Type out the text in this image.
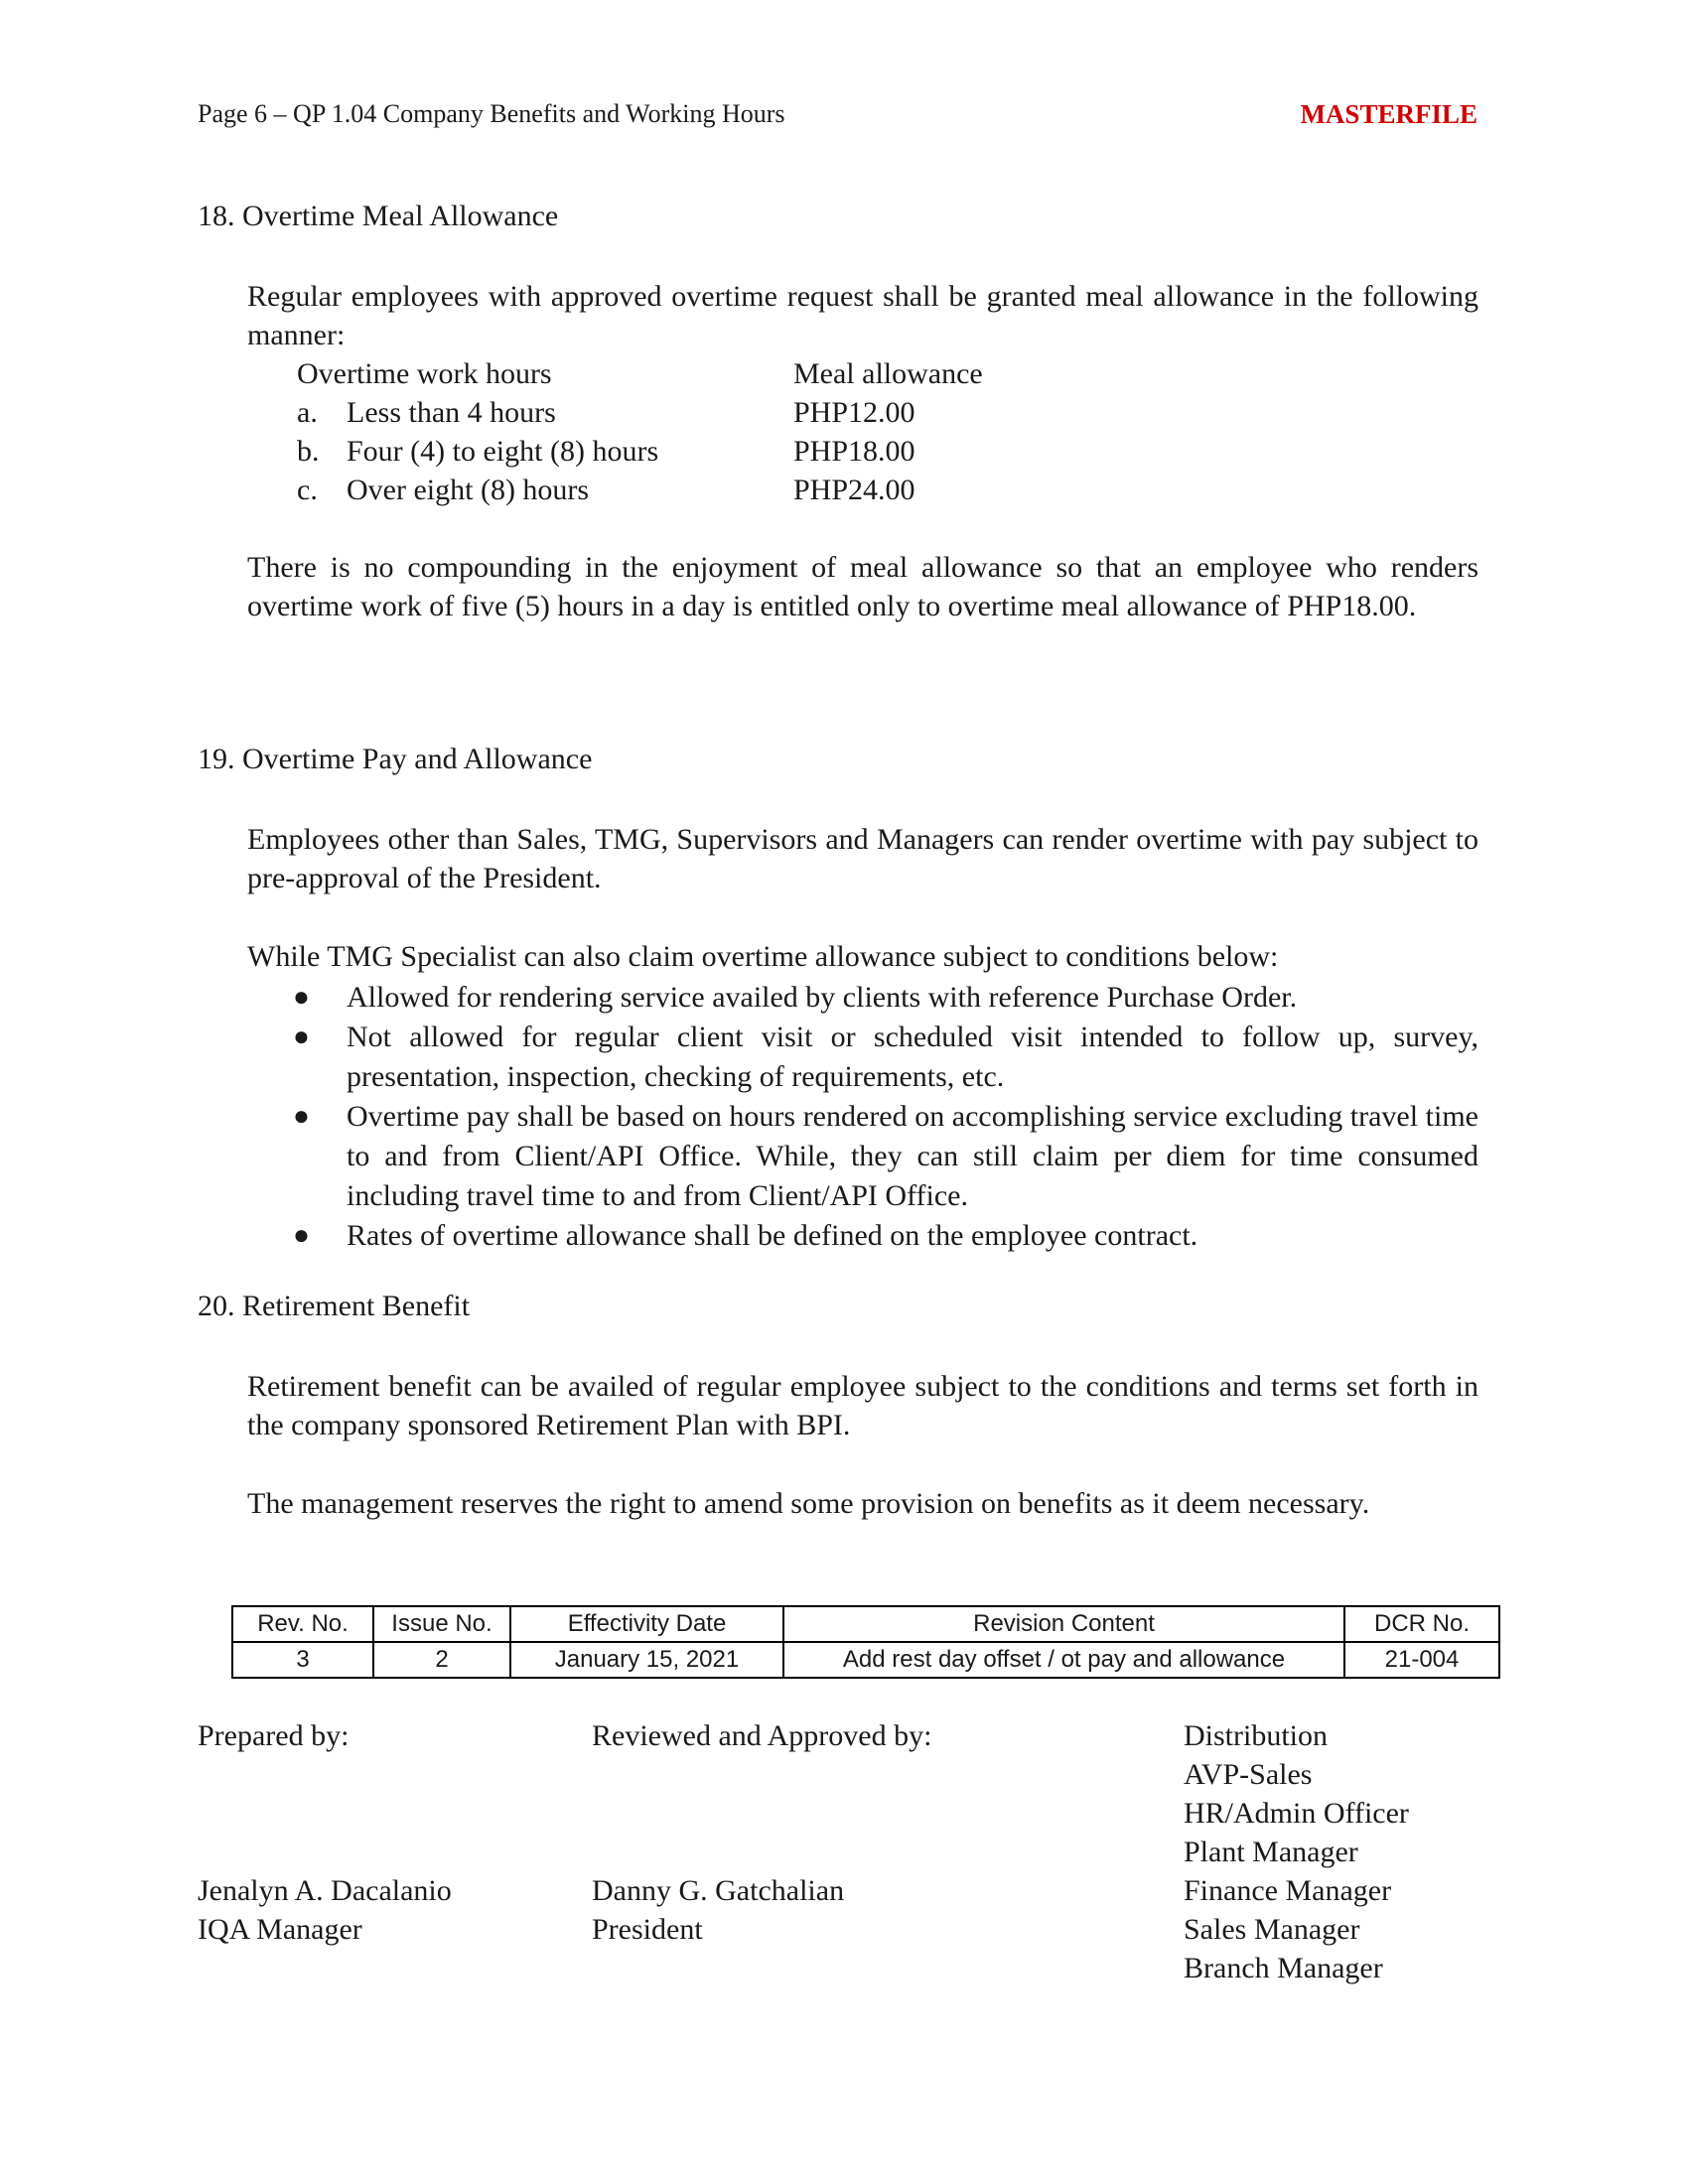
Page 6 – QP 1.04 Company Benefits and Working Hours	MASTERFILE
18. Overtime Meal Allowance
Regular employees with approved overtime request shall be granted meal allowance in the following manner:
Overtime work hours	Meal allowance
a. Less than 4 hours	PHP12.00
b. Four (4) to eight (8) hours	PHP18.00
c. Over eight (8) hours	PHP24.00
There is no compounding in the enjoyment of meal allowance so that an employee who renders overtime work of five (5) hours in a day is entitled only to overtime meal allowance of PHP18.00.
19. Overtime Pay and Allowance
Employees other than Sales, TMG, Supervisors and Managers can render overtime with pay subject to pre-approval of the President.
While TMG Specialist can also claim overtime allowance subject to conditions below:
● Allowed for rendering service availed by clients with reference Purchase Order.
● Not allowed for regular client visit or scheduled visit intended to follow up, survey, presentation, inspection, checking of requirements, etc.
● Overtime pay shall be based on hours rendered on accomplishing service excluding travel time to and from Client/API Office. While, they can still claim per diem for time consumed including travel time to and from Client/API Office.
● Rates of overtime allowance shall be defined on the employee contract.
20. Retirement Benefit
Retirement benefit can be availed of regular employee subject to the conditions and terms set forth in the company sponsored Retirement Plan with BPI.
The management reserves the right to amend some provision on benefits as it deem necessary.
Rev. No.	Issue No.	Effectivity Date	Revision Content	DCR No.
3	2	January 15, 2021	Add rest day offset / ot pay and allowance	21-004
Prepared by:
Jenalyn A. Dacalanio
IQA Manager
Reviewed and Approved by:
Danny G. Gatchalian
President
Distribution
AVP-Sales
HR/Admin Officer
Plant Manager
Finance Manager
Sales Manager
Branch Manager
